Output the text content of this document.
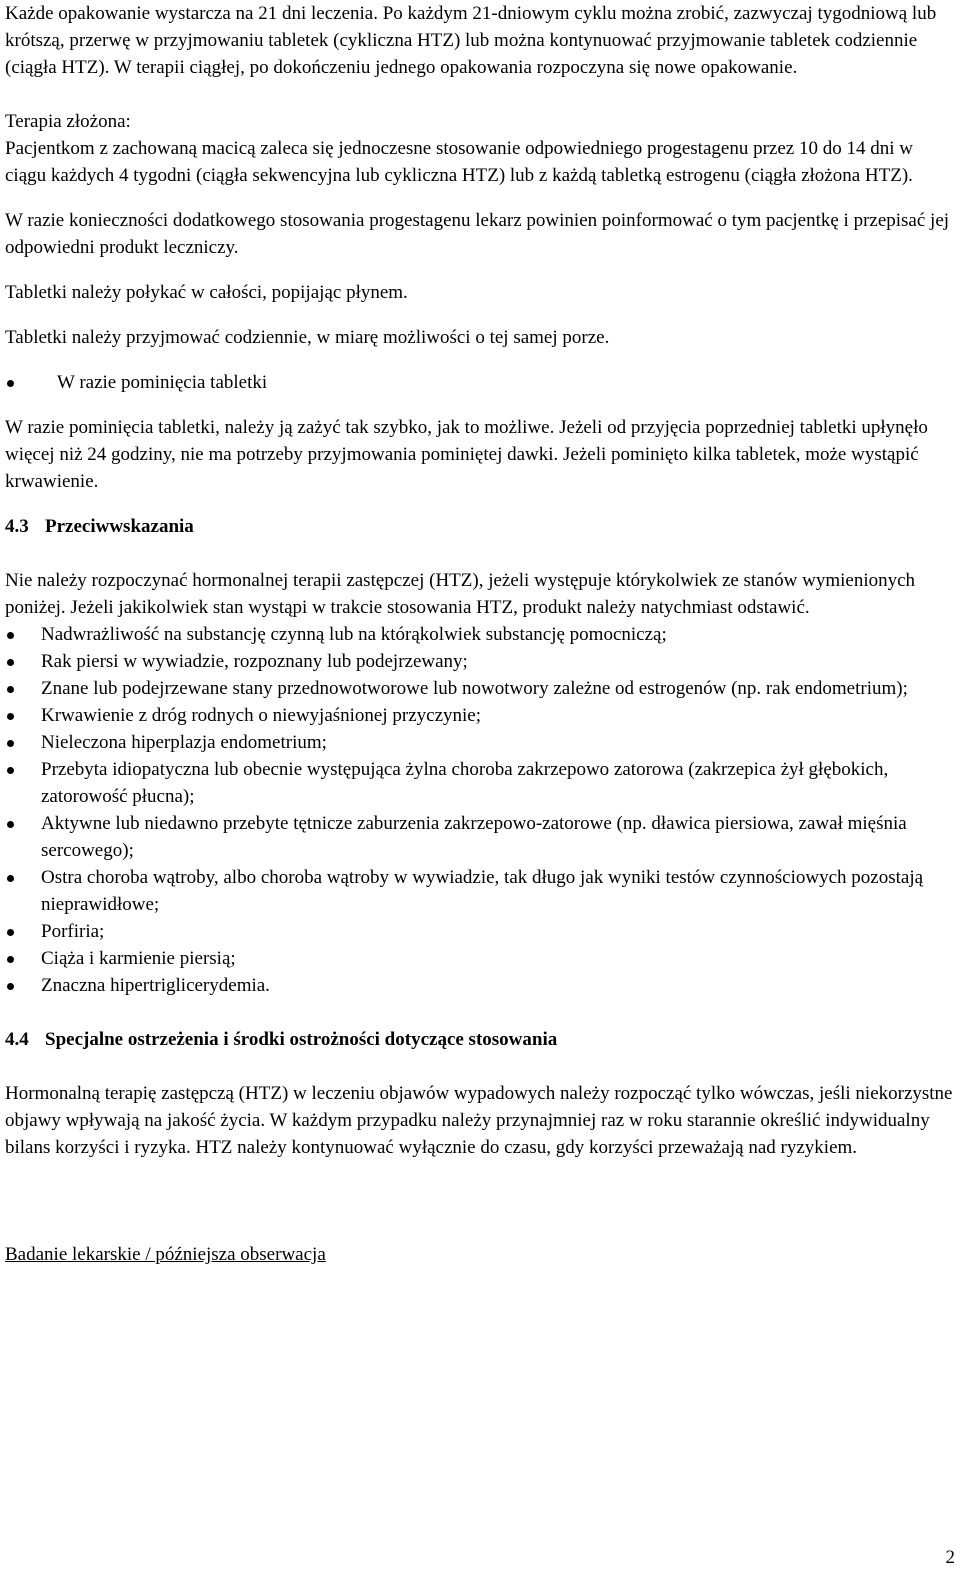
Każde opakowanie wystarcza na 21 dni leczenia. Po każdym 21-dniowym cyklu można zrobić, zazwyczaj tygodniową lub krótszą, przerwę w przyjmowaniu tabletek (cykliczna HTZ) lub można kontynuować przyjmowanie tabletek codziennie (ciągła HTZ). W terapii ciągłej, po dokończeniu jednego opakowania rozpoczyna się nowe opakowanie.

Terapia złożona:

Pacjentkom z zachowaną macicą zaleca się jednoczesne stosowanie odpowiedniego progestagenu przez 10 do 14 dni w ciągu każdych 4 tygodni (ciągła sekwencyjna lub cykliczna HTZ) lub z każdą tabletką estrogenu (ciągła złożona HTZ).

W razie konieczności dodatkowego stosowania progestagenu lekarz powinien poinformować o tym pacjentkę i przepisać jej odpowiedni produkt leczniczy.

Tabletki należy połykać w całości, popijając płynem.

Tabletki należy przyjmować codziennie, w miarę możliwości o tej samej porze.

W razie pominięcia tabletki

W razie pominięcia tabletki, należy ją zażyć tak szybko, jak to możliwe. Jeżeli od przyjęcia poprzedniej tabletki upłynęło więcej niż 24 godziny, nie ma potrzeby przyjmowania pominiętej dawki. Jeżeli pominięto kilka tabletek, może wystąpić krwawienie.

4.3 Przeciwwskazania

Nie należy rozpoczynać hormonalnej terapii zastępczej (HTZ), jeżeli występuje którykolwiek ze stanów wymienionych poniżej. Jeżeli jakikolwiek stan wystąpi w trakcie stosowania HTZ, produkt należy natychmiast odstawić.

Nadwrażliwość na substancję czynną lub na którąkolwiek substancję pomocniczą;
Rak piersi w wywiadzie, rozpoznany lub podejrzewany;
Znane lub podejrzewane stany przednowotworowe lub nowotwory zależne od estrogenów (np. rak endometrium);
Krwawienie z dróg rodnych o niewyjaśnionej przyczynie;
Nieleczona hiperplazja endometrium;
Przebyta idiopatyczna lub obecnie występująca żylna choroba zakrzepowo zatorowa (zakrzepica żył głębokich, zatorowość płucna);
Aktywne lub niedawno przebyte tętnicze zaburzenia zakrzepowo-zatorowe (np. dławica piersiowa, zawał mięśnia sercowego);
Ostra choroba wątroby, albo choroba wątroby w wywiadzie, tak długo jak wyniki testów czynnościowych pozostają nieprawidłowe;
Porfiria;
Ciąża i karmienie piersią;
Znaczna hipertriglicerydemia.

4.4 Specjalne ostrzeżenia i środki ostrożności dotyczące stosowania

Hormonalną terapię zastępczą (HTZ) w leczeniu objawów wypadowych należy rozpocząć tylko wówczas, jeśli niekorzystne objawy wpływają na jakość życia. W każdym przypadku należy przynajmniej raz w roku starannie określić indywidualny bilans korzyści i ryzyka. HTZ należy kontynuować wyłącznie do czasu, gdy korzyści przeważają nad ryzykiem.

Badanie lekarskie / późniejsza obserwacja

2
